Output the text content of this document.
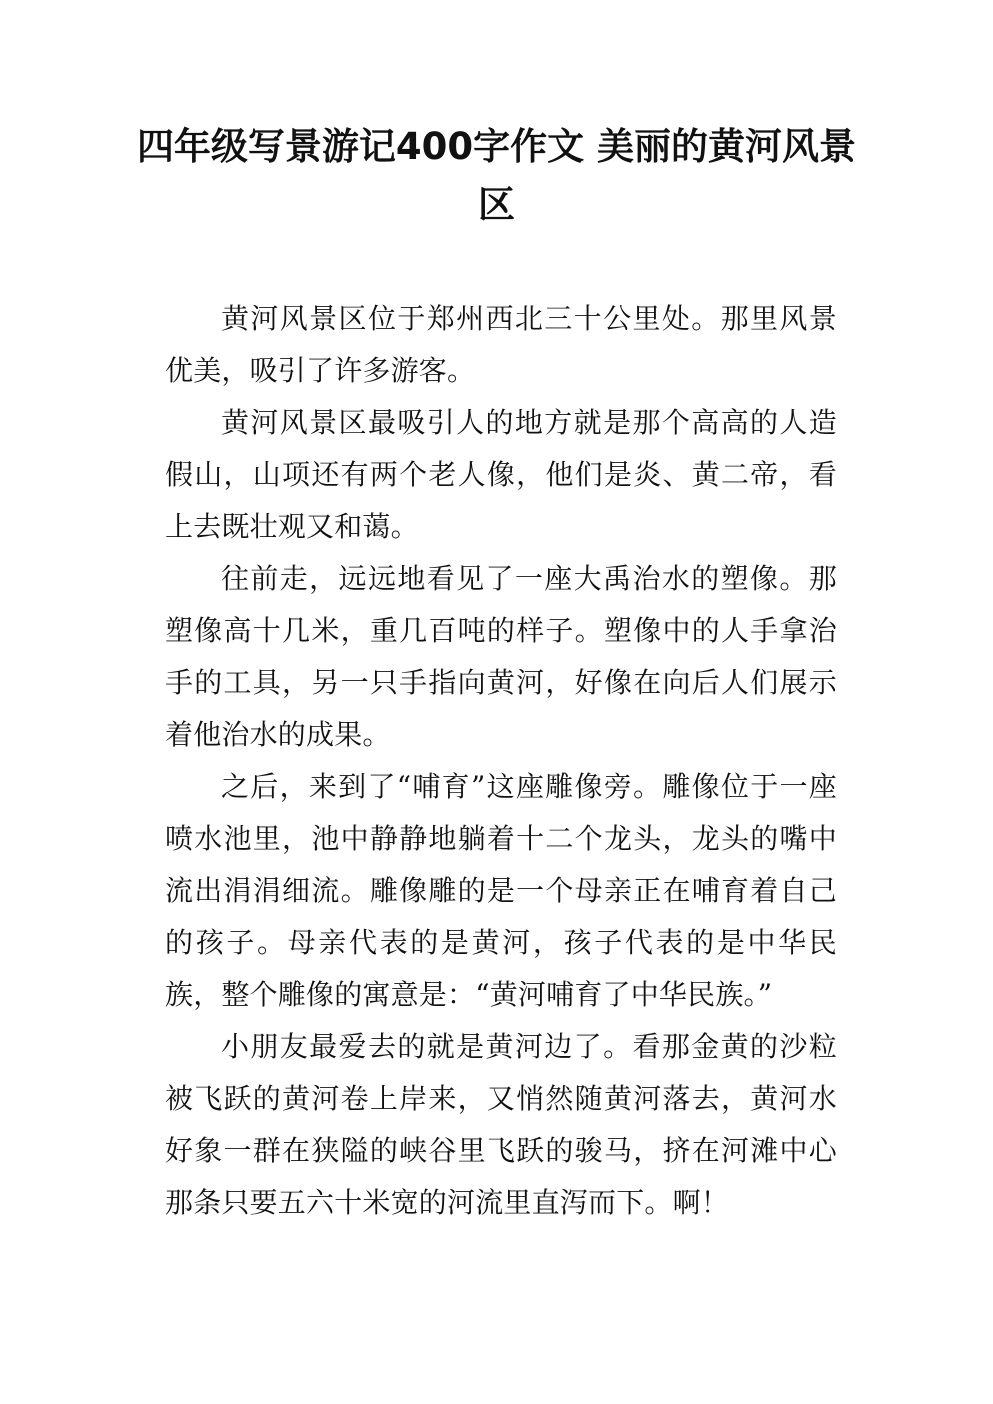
四年级写景游记400字作文 美丽的黄河风景区

黄河风景区位于郑州西北三十公里处。那里风景优美，吸引了许多游客。

黄河风景区最吸引人的地方就是那个高高的人造假山，山项还有两个老人像，他们是炎、黄二帝，看上去既壮观又和蔼。

往前走，远远地看见了一座大禹治水的塑像。那塑像高十几米，重几百吨的样子。塑像中的人手拿治手的工具，另一只手指向黄河，好像在向后人们展示着他治水的成果。

之后，来到了“哺育”这座雕像旁。雕像位于一座喷水池里，池中静静地躺着十二个龙头，龙头的嘴中流出涓涓细流。雕像雕的是一个母亲正在哺育着自己的孩子。母亲代表的是黄河，孩子代表的是中华民族，整个雕像的寓意是：“黄河哺育了中华民族。”

小朋友最爱去的就是黄河边了。看那金黄的沙粒被飞跃的黄河卷上岸来，又悄然随黄河落去，黄河水好象一群在狭隘的峡谷里飞跃的骏马，挤在河滩中心那条只要五六十米宽的河流里直泻而下。啊！
